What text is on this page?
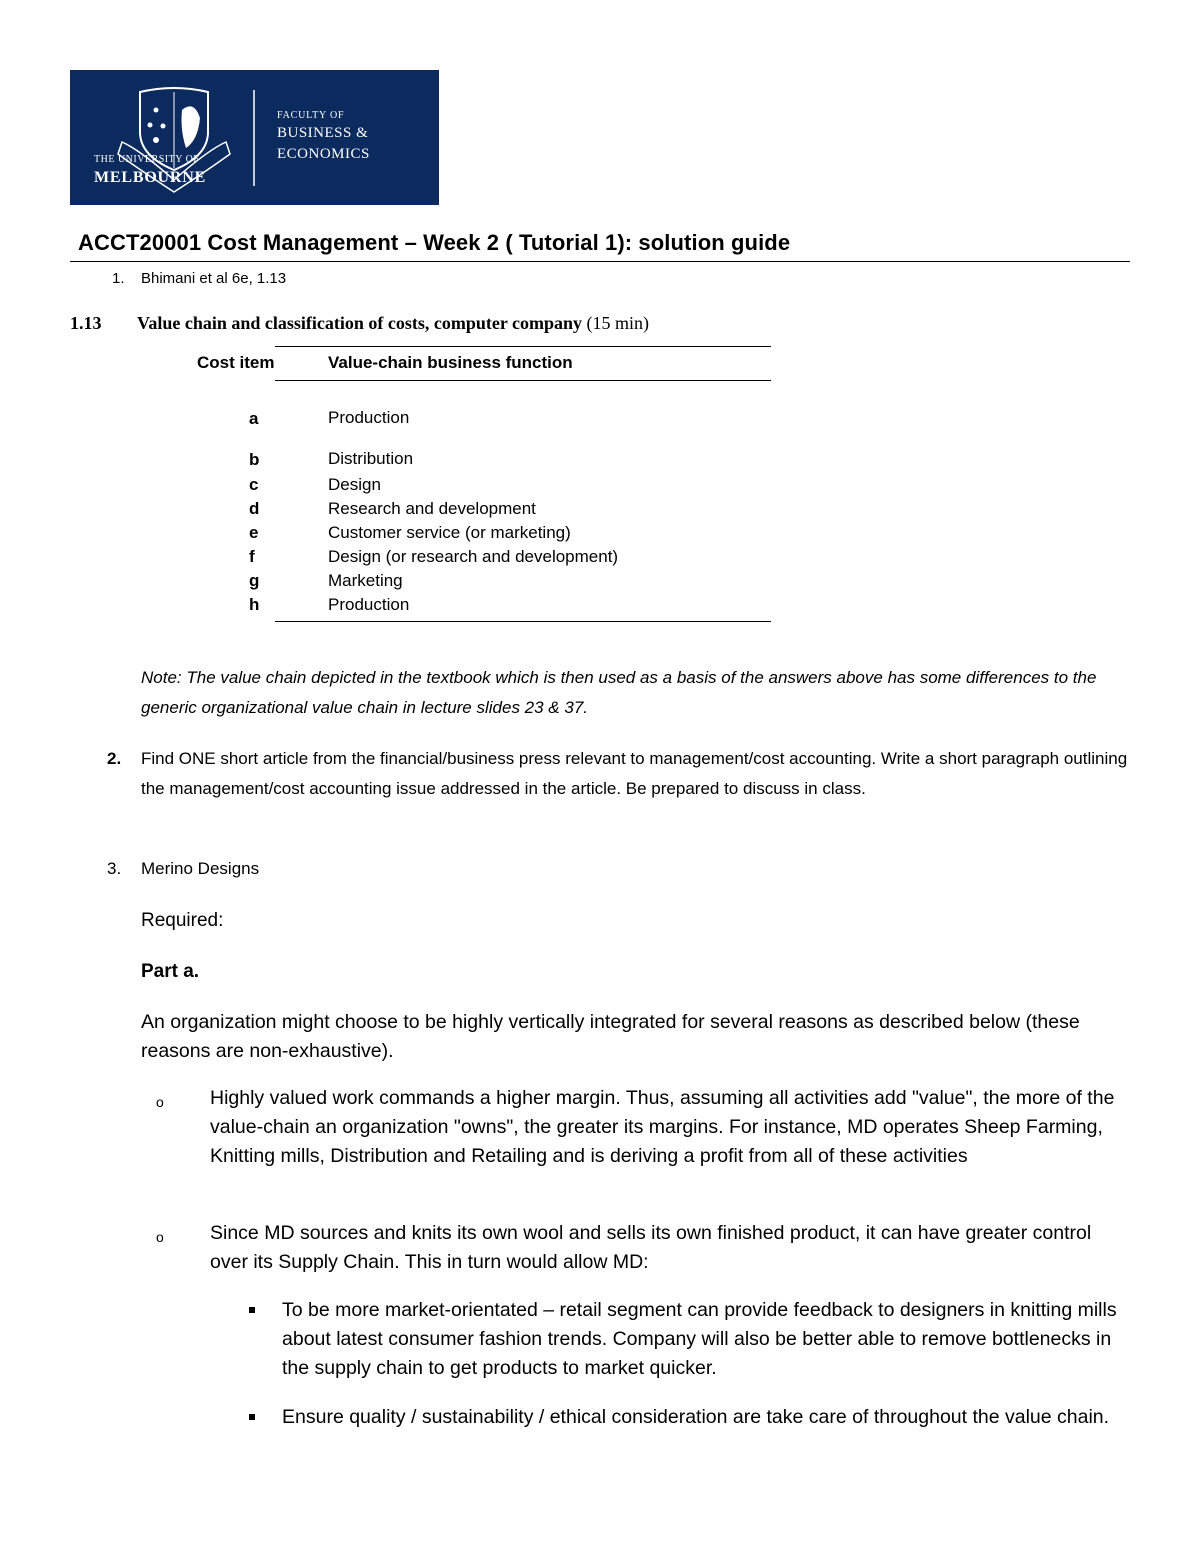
THE UNIVERSITY OF
MELBOURNE
FACULTY OF
BUSINESS &
ECONOMICS
ACCT20001 Cost Management – Week 2 ( Tutorial 1): solution guide
1. Bhimani et al 6e, 1.13
1.13 Value chain and classification of costs, computer company (15 min)
Cost item	Value-chain business function
a	Production
b	Distribution
c	Design
d	Research and development
e	Customer service (or marketing)
f	Design (or research and development)
g	Marketing
h	Production
Note: The value chain depicted in the textbook which is then used as a basis of the answers above has some differences to the generic organizational value chain in lecture slides 23 & 37.
2. Find ONE short article from the financial/business press relevant to management/cost accounting. Write a short paragraph outlining the management/cost accounting issue addressed in the article. Be prepared to discuss in class.
3. Merino Designs
Required:
Part a.
An organization might choose to be highly vertically integrated for several reasons as described below (these reasons are non-exhaustive).
o Highly valued work commands a higher margin. Thus, assuming all activities add "value", the more of the value-chain an organization "owns", the greater its margins. For instance, MD operates Sheep Farming, Knitting mills, Distribution and Retailing and is deriving a profit from all of these activities
o Since MD sources and knits its own wool and sells its own finished product, it can have greater control over its Supply Chain. This in turn would allow MD:
To be more market-orientated – retail segment can provide feedback to designers in knitting mills about latest consumer fashion trends. Company will also be better able to remove bottlenecks in the supply chain to get products to market quicker.
Ensure quality / sustainability / ethical consideration are take care of throughout the value chain.
